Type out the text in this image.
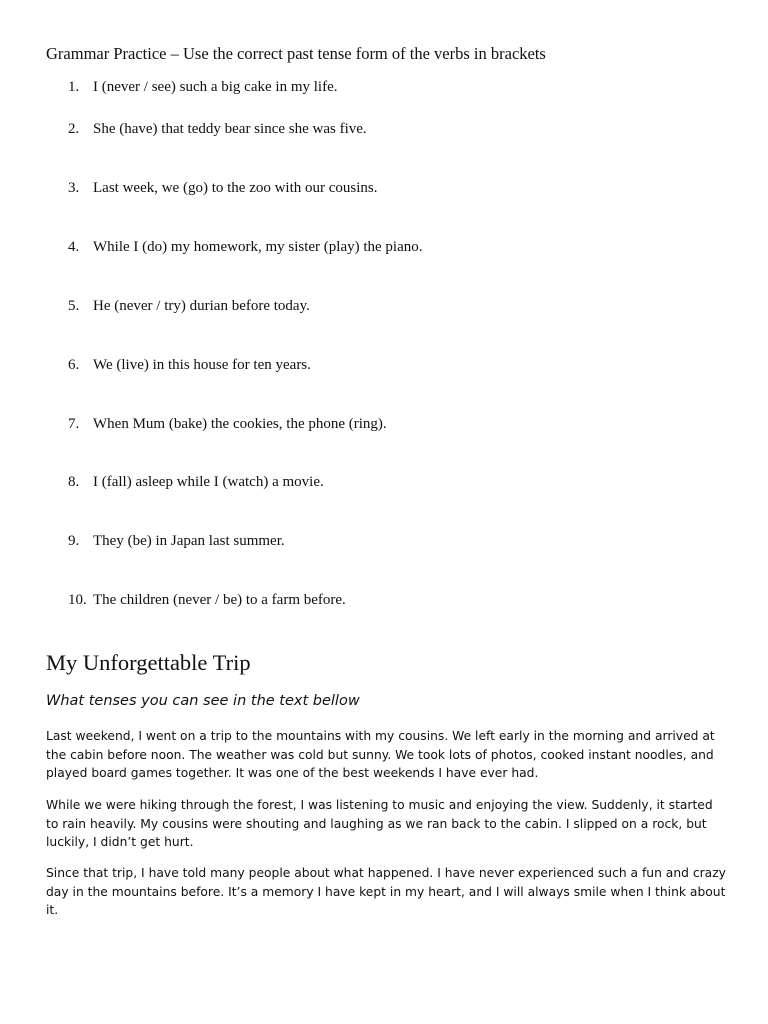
Grammar Practice – Use the correct past tense form of the verbs in brackets
1. I (never / see) such a big cake in my life.
2. She (have) that teddy bear since she was five.
3. Last week, we (go) to the zoo with our cousins.
4. While I (do) my homework, my sister (play) the piano.
5. He (never / try) durian before today.
6. We (live) in this house for ten years.
7. When Mum (bake) the cookies, the phone (ring).
8. I (fall) asleep while I (watch) a movie.
9. They (be) in Japan last summer.
10. The children (never / be) to a farm before.
My Unforgettable Trip
What tenses you can see in the text bellow

Last weekend, I went on a trip to the mountains with my cousins. We left early in the morning and arrived at the cabin before noon. The weather was cold but sunny. We took lots of photos, cooked instant noodles, and played board games together. It was one of the best weekends I have ever had.

While we were hiking through the forest, I was listening to music and enjoying the view. Suddenly, it started to rain heavily. My cousins were shouting and laughing as we ran back to the cabin. I slipped on a rock, but luckily, I didn’t get hurt.

Since that trip, I have told many people about what happened. I have never experienced such a fun and crazy day in the mountains before. It’s a memory I have kept in my heart, and I will always smile when I think about it.
